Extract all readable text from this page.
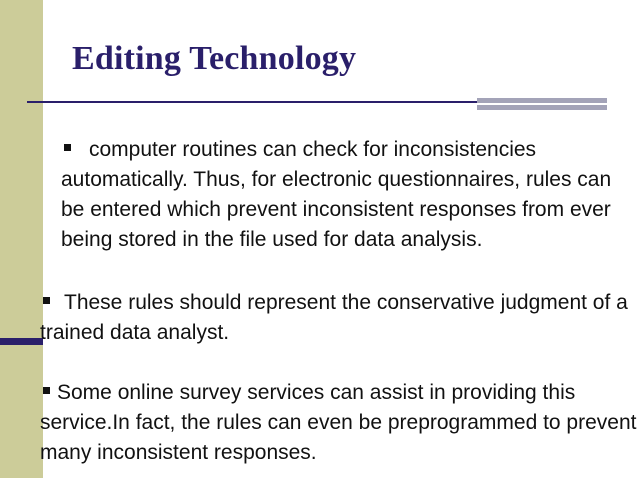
Editing Technology

computer routines can check for inconsistencies automatically. Thus, for electronic questionnaires, rules can be entered which prevent inconsistent responses from ever being stored in the file used for data analysis.

These rules should represent the conservative judgment of a trained data analyst.

Some online survey services can assist in providing this service.In fact, the rules can even be preprogrammed to prevent many inconsistent responses.
